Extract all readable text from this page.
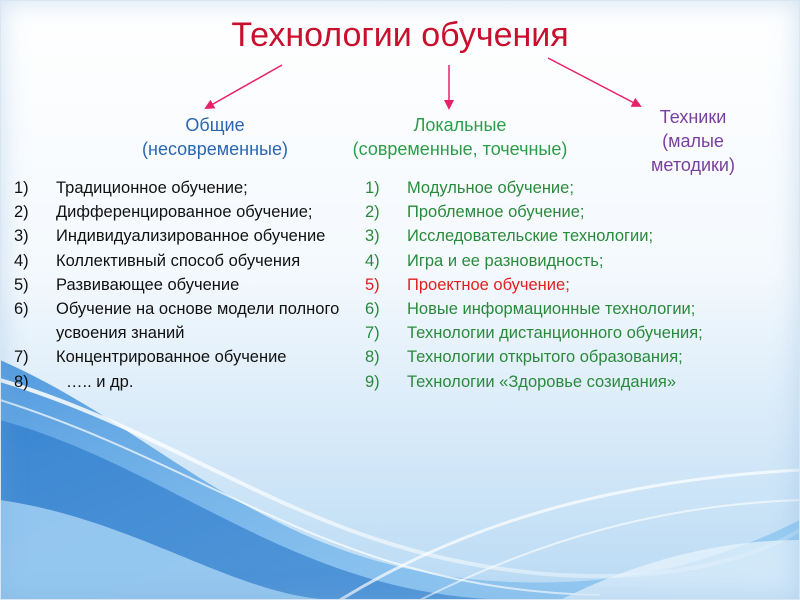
Технологии обучения
Общие
(несовременные)
Локальные
(современные, точечные)
Техники
(малые
методики)
1) Традиционное обучение;
2) Дифференцированное обучение;
3) Индивидуализированное обучение
4) Коллективный способ обучения
5) Развивающее обучение
6) Обучение на основе модели полного усвоения знаний
7) Концентрированное обучение
8) ….. и др.
1) Модульное обучение;
2) Проблемное обучение;
3) Исследовательские технологии;
4) Игра и ее разновидность;
5) Проектное обучение;
6) Новые информационные технологии;
7) Технологии дистанционного обучения;
8) Технологии открытого образования;
9) Технологии «Здоровье созидания»
